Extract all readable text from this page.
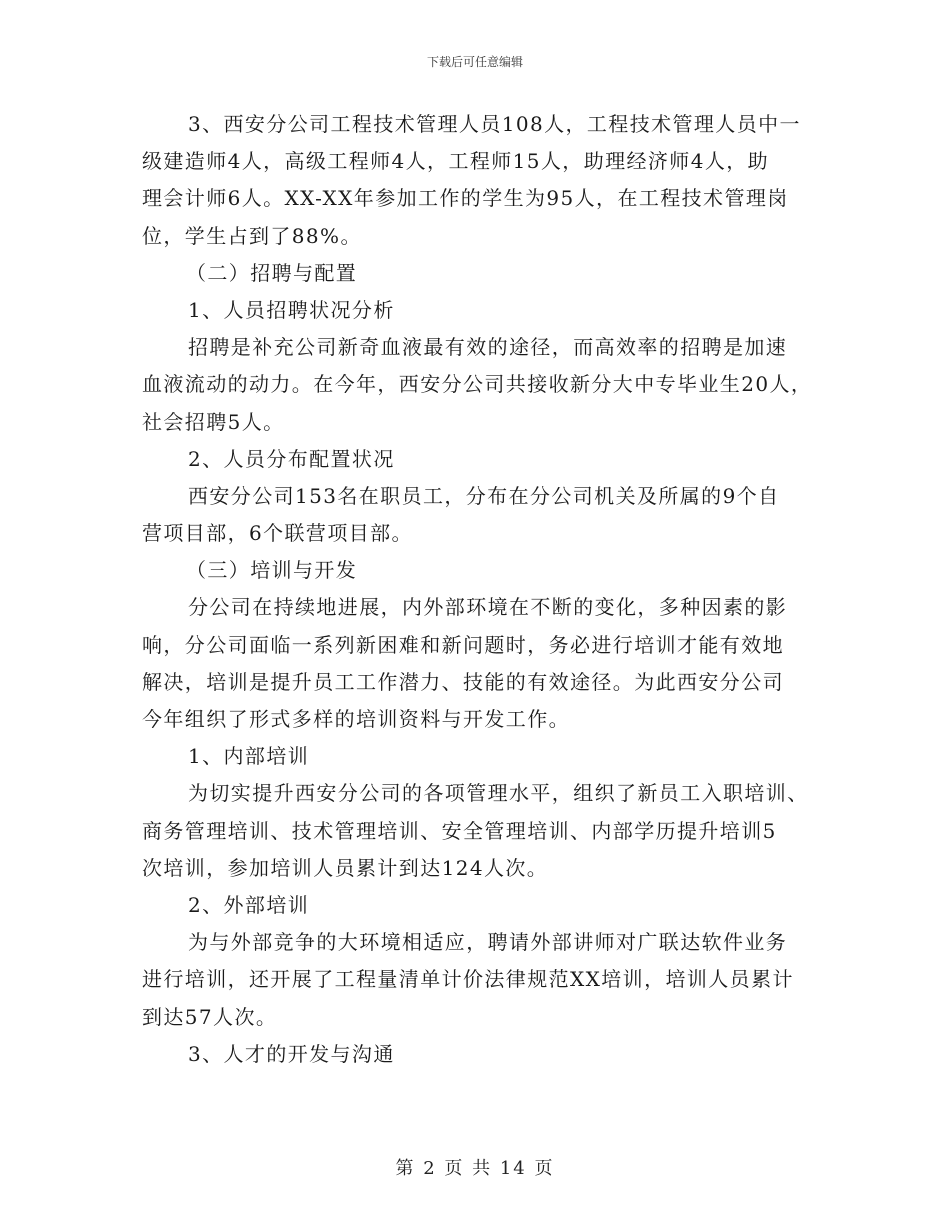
下载后可任意编辑
3、西安分公司工程技术管理人员108人，工程技术管理人员中一
级建造师4人，高级工程师4人，工程师15人，助理经济师4人，助
理会计师6人。XX-XX年参加工作的学生为95人，在工程技术管理岗
位，学生占到了88%。
（二）招聘与配置
1、人员招聘状况分析
招聘是补充公司新奇血液最有效的途径，而高效率的招聘是加速
血液流动的动力。在今年，西安分公司共接收新分大中专毕业生20人，
社会招聘5人。
2、人员分布配置状况
西安分公司153名在职员工，分布在分公司机关及所属的9个自
营项目部，6个联营项目部。
（三）培训与开发
分公司在持续地进展，内外部环境在不断的变化，多种因素的影
响，分公司面临一系列新困难和新问题时，务必进行培训才能有效地
解决，培训是提升员工工作潜力、技能的有效途径。为此西安分公司
今年组织了形式多样的培训资料与开发工作。
1、内部培训
为切实提升西安分公司的各项管理水平，组织了新员工入职培训、
商务管理培训、技术管理培训、安全管理培训、内部学历提升培训5
次培训，参加培训人员累计到达124人次。
2、外部培训
为与外部竞争的大环境相适应，聘请外部讲师对广联达软件业务
进行培训，还开展了工程量清单计价法律规范XX培训，培训人员累计
到达57人次。
3、人才的开发与沟通
第 2 页 共 14 页
